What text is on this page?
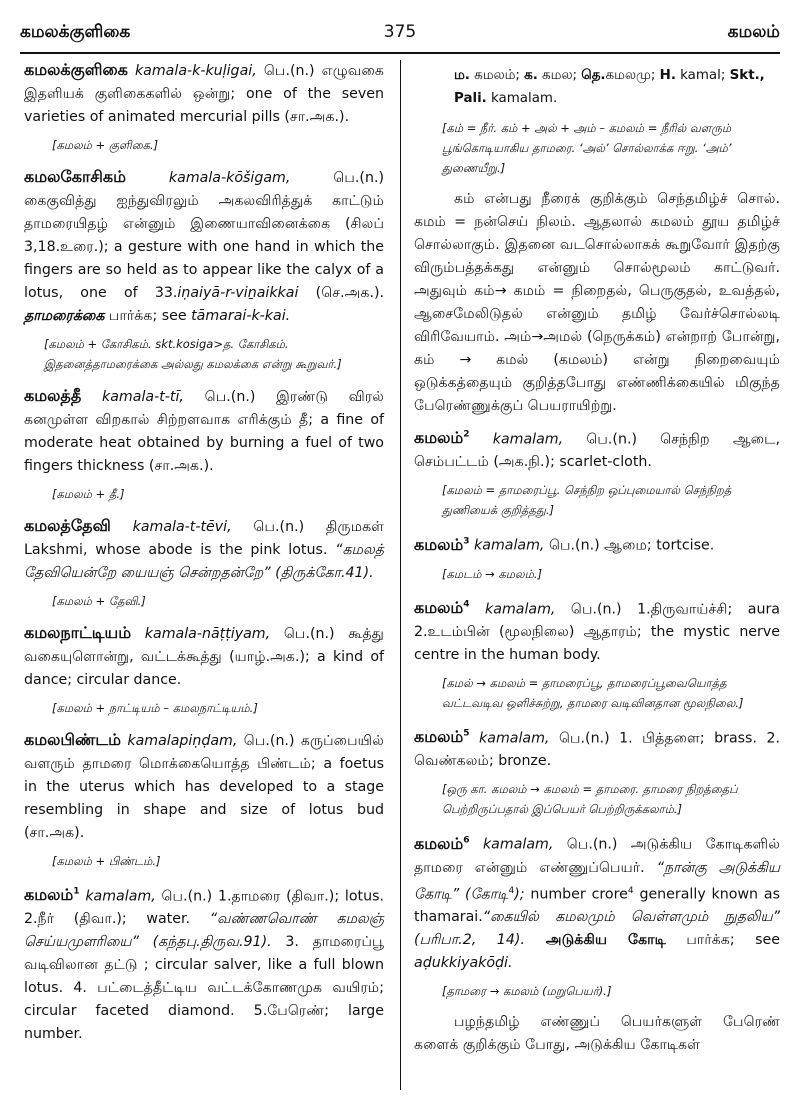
கமலக்குளிகை	375	கமலம்
கமலக்குளிகை kamala-k-kuḷigai, பெ.(n.) எழுவகை இதளியக் குளிகைகளில் ஒன்று; one of the seven varieties of animated mercurial pills (சா.அக.).
[கமலம் + குளிகை.]
கமலகோசிகம்	kamala-kōšigam, பெ.(n.) கைகுவித்து ஐந்துவிரலும் அகலவிரித்துக் காட்டும் தாமரையிதழ் என்னும் இணையாவினைக்கை (சிலப் 3,18.உரை.); a gesture with one hand in which the fingers are so held as to appear like the calyx of a lotus, one of 33.iṇaiyā-r-viṉaikkai (செ.அக.). தாமரைக்கை பார்க்க; see tāmarai-k-kai.
[கமலம் + கோசிகம். skt.kosiga>த. கோசிகம். இதனைத்தாமரைக்கை அல்லது கமலக்கை என்று கூறுவர்.]
கமலத்தீ kamala-t-tī, பெ.(n.) இரண்டு விரல் கனமுள்ள விறகால் சிற்றளவாக எரிக்கும் தீ; a fine of moderate heat obtained by burning a fuel of two fingers thickness (சா.அக.).
[கமலம் + தீ.]
கமலத்தேவி kamala-t-tēvi, பெ.(n.) திருமகள் Lakshmi, whose abode is the pink lotus. “கமலத் தேவியென்றே யையஞ் சென்றதன்றே” (திருக்கோ.41).
[கமலம் + தேவி.]
கமலநாட்டியம் kamala-nāṭṭiyam, பெ.(n.) கூத்து வகையுளொன்று, வட்டக்கூத்து (யாழ்.அக.); a kind of dance; circular dance.
[கமலம் + நாட்டியம் – கமலநாட்டியம்.]
கமலபிண்டம் kamalapiṇḍam, பெ.(n.) கருப்பையில் வளரும் தாமரை மொக்கையொத்த பிண்டம்; a foetus in the uterus which has developed to a stage resembling in shape and size of lotus bud (சா.அக).
[கமலம் + பிண்டம்.]
கமலம்$^1$ kamalam, பெ.(n.) 1.தாமரை (திவா.); lotus. 2.நீர் (திவா.); water. “வண்ணவொண் கமலஞ் செய்யமுளரியை” (கந்தபு.திருவ.91). 3. தாமரைப்பூ வடிவிலான தட்டு ; circular salver, like a full blown lotus. 4. பட்டைத்தீட்டிய வட்டக்கோணமுக வயிரம்; circular faceted diamond. 5.பேரெண்; large number.
ம. கமலம்; க. கமல; தெ.கமலமு; H. kamal; Skt.,
Pali. kamalam.
[கம் = நீர். கம் + அல் + அம் – கமலம் = நீரில் வளரும் பூங்கொடியாகிய தாமரை. ‘அல்’ சொல்லாக்க ஈறு. ‘அம்’ துணையீறு.]
கம் என்பது நீரைக் குறிக்கும் செந்தமிழ்ச் சொல். கமம் = நன்செய் நிலம். ஆதலால் கமலம் தூய தமிழ்ச் சொல்லாகும். இதனை வடசொல்லாகக் கூறுவோர் இதற்கு விரும்பத்தக்கது என்னும் சொல்மூலம் காட்டுவர். அதுவும் கம்→ கமம் = நிறைதல், பெருகுதல், உவத்தல், ஆசைமேலிடுதல் என்னும் தமிழ் வேர்ச்சொல்லடி விரிவேயாம். அம்→அமல் (நெருக்கம்) என்றாற் போன்று, கம் → கமல் (கமலம்) என்று நிறைவையும் ஒடுக்கத்தையும் குறித்தபோது எண்ணிக்கையில் மிகுந்த பேரெண்ணுக்குப் பெயராயிற்று.
கமலம்$^2$ kamalam, பெ.(n.) செந்நிற ஆடை, செம்பட்டம் (அக.நி.); scarlet-cloth.
[கமலம் = தாமரைப்பூ. செந்நிற ஒப்புமையால் செந்நிறத் துணியைக் குறித்தது.]
கமலம்$^3$ kamalam, பெ.(n.) ஆமை; tortcise.
[கமடம் → கமலம்.]
கமலம்$^4$ kamalam, பெ.(n.) 1.திருவாய்ச்சி; aura 2.உடம்பின் (மூலநிலை) ஆதாரம்; the mystic nerve centre in the human body.
[கமல் → கமலம் = தாமரைப்பூ, தாமரைப்பூவையொத்த வட்டவடிவ ஒளிச்சுற்று, தாமரை வடிவினதான மூலநிலை.]
கமலம்$^5$ kamalam, பெ.(n.) 1. பித்தளை; brass. 2. வெண்கலம்; bronze.
[ஒரு கா. கமலம் → கமலம் = தாமரை. தாமரை நிறத்தைப் பெற்றிருப்பதால் இப்பெயர் பெற்றிருக்கலாம்.]
கமலம்$^6$ kamalam, பெ.(n.) அடுக்கிய கோடிகளில் தாமரை என்னும் எண்ணுப்பெயர். “நான்கு அடுக்கிய கோடி” (கோடி$^4$); number crore$^4$ generally known as thamarai.“கையில் கமலமும் வெள்ளமும் நுதலிய” (பரிபா.2, 14). அடுக்கிய கோடி பார்க்க; see aḍukkiyakōḍi.
[தாமரை → கமலம் (மறுபெயர்).]
பழந்தமிழ் எண்ணுப் பெயர்களுள் பேரெண் களைக் குறிக்கும் போது, அடுக்கிய கோடிகள்
